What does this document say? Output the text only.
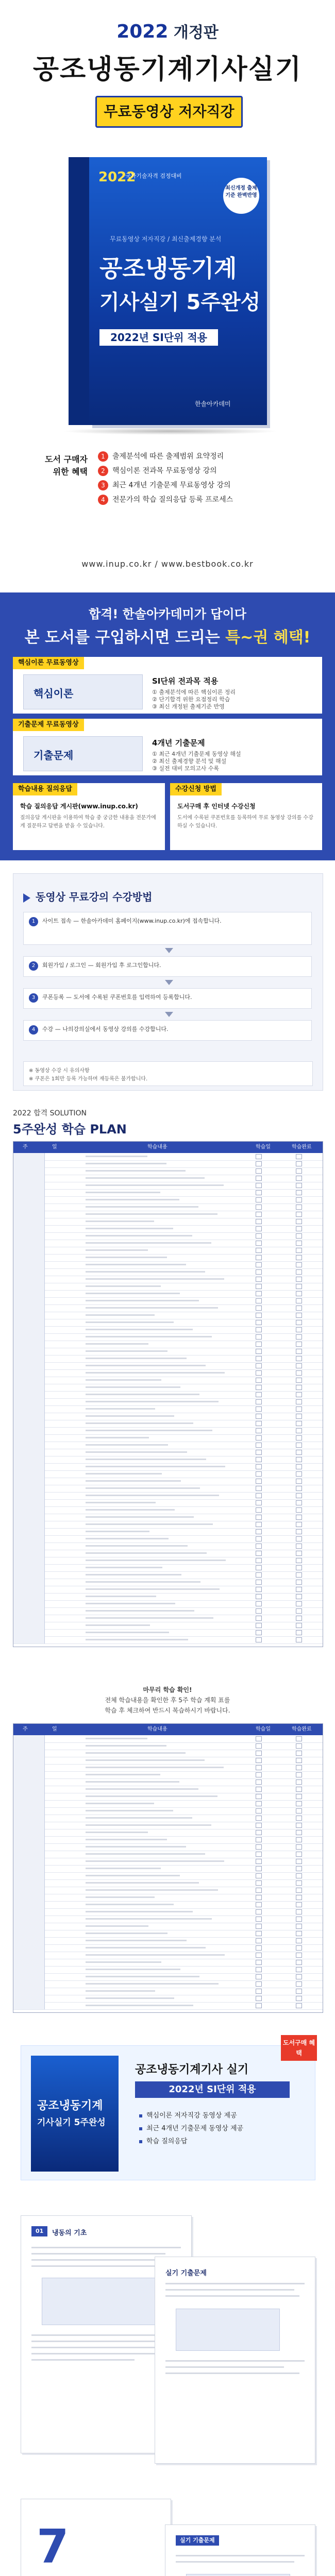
2022 개정판
공조냉동기계기사실기
무료동영상 저자직강
2022
국가기술자격 검정대비
최신개정 출제기준 완벽반영
무료동영상 저자직강 / 최신출제경향 분석
공조냉동기계
기사실기 5주완성
2022년 SI단위 적용
한솔아카데미
도서 구매자 위한 혜택
1 출제분석에 따른 출제범위 요약정리
2 핵심이론 전과목 무료동영상 강의
3 최근 4개년 기출문제 무료동영상 강의
4 전문가의 학습 질의응답 등록 프로세스
www.inup.co.kr / www.bestbook.co.kr
합격! 한솔아카데미가 답이다
본 도서를 구입하시면 드리는 특~권 혜택!
핵심이론 무료동영상
핵심이론
SI단위 전과목 적용
① 출제분석에 따른 핵심이론 정리
② 단기합격 위한 요점정리 학습
③ 최신 개정된 출제기준 반영
기출문제 무료동영상
기출문제
4개년 기출문제
① 최근 4개년 기출문제 동영상 해설
② 최신 출제경향 분석 및 해설
③ 실전 대비 모의고사 수록
학습내용 질의응답
학습 질의응답 게시판(www.inup.co.kr)
질의응답 게시판을 이용하여 학습 중 궁금한 내용을 전문가에게 질문하고 답변을 받을 수 있습니다.
수강신청 방법
도서구매 후 인터넷 수강신청
도서에 수록된 쿠폰번호를 등록하여 무료 동영상 강의를 수강하실 수 있습니다.
동영상 무료강의 수강방법
1 사이트 접속 — 한솔아카데미 홈페이지(www.inup.co.kr)에 접속합니다.
2 회원가입 / 로그인 — 회원가입 후 로그인합니다.
3 쿠폰등록 — 도서에 수록된 쿠폰번호를 입력하여 등록합니다.
4 수강 — 나의강의실에서 동영상 강의를 수강합니다.
※ 동영상 수강 시 유의사항
※ 쿠폰은 1회만 등록 가능하며 재등록은 불가합니다.
2022 합격 SOLUTION
5주완성 학습 PLAN
주	일	학습내용	학습일	학습완료
마무리 학습 확인!
전체 학습내용을 확인한 후 5주 학습 계획 표를
학습 후 체크하여 반드시 복습하시기 바랍니다.
주	일	학습내용	학습일	학습완료
공조냉동기계
기사실기 5주완성
공조냉동기계기사 실기
2022년 SI단위 적용
핵심이론 저자직강 동영상 제공
최근 4개년 기출문제 동영상 제공
학습 질의응답
도서구매 혜택
01	냉동의 기초
실기 기출문제
7	실기 기출문제
